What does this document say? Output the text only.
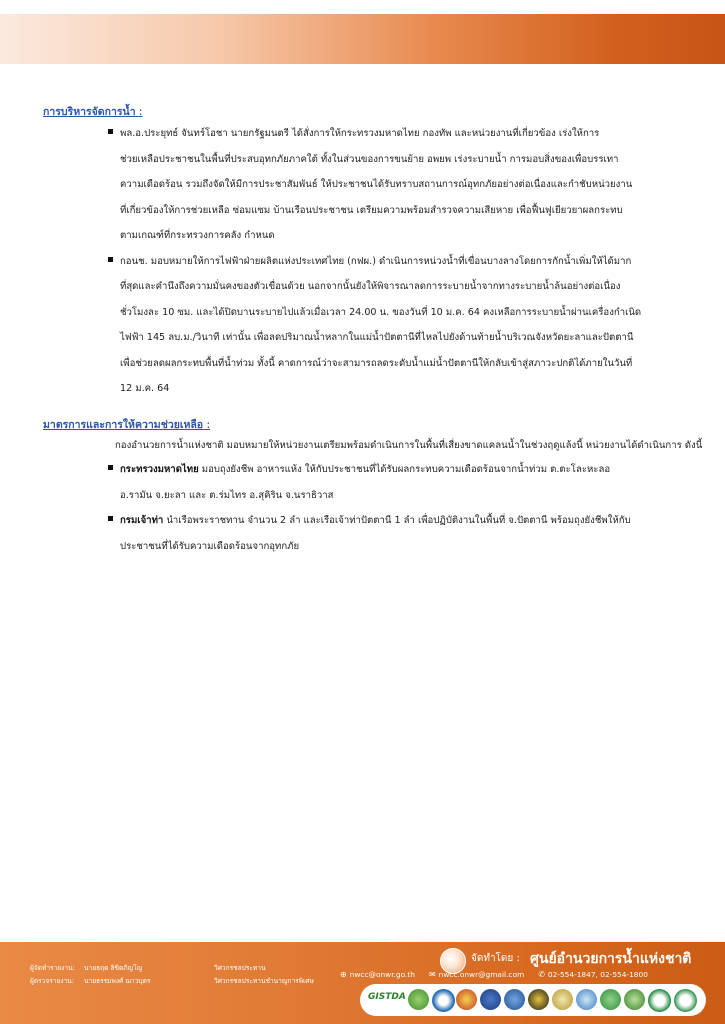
การบริหารจัดการน้ำ :
พล.อ.ประยุทธ์ จันทร์โอชา นายกรัฐมนตรี ได้สั่งการให้กระทรวงมหาดไทย กองทัพ และหน่วยงานที่เกี่ยวข้อง เร่งให้การ
ช่วยเหลือประชาชนในพื้นที่ประสบอุทกภัยภาคใต้ ทั้งในส่วนของการขนย้าย อพยพ เร่งระบายน้ำ การมอบสิ่งของเพื่อบรรเทา
ความเดือดร้อน รวมถึงจัดให้มีการประชาสัมพันธ์ ให้ประชาชนได้รับทราบสถานการณ์อุทกภัยอย่างต่อเนื่องและกำชับหน่วยงาน
ที่เกี่ยวข้องให้การช่วยเหลือ ซ่อมแซม บ้านเรือนประชาชน เตรียมความพร้อมสำรวจความเสียหาย เพื่อฟื้นฟูเยียวยาผลกระทบ
ตามเกณฑ์ที่กระทรวงการคลัง กำหนด
กอนช. มอบหมายให้การไฟฟ้าฝ่ายผลิตแห่งประเทศไทย (กฟผ.) ดำเนินการหน่วงน้ำที่เขื่อนบางลางโดยการกักน้ำเพิ่มให้ได้มาก
ที่สุดและคำนึงถึงความมั่นคงของตัวเขื่อนด้วย นอกจากนั้นยังให้พิจารณาลดการระบายน้ำจากทางระบายน้ำล้นอย่างต่อเนื่อง
ชั่วโมงละ 10 ซม. และได้ปิดบานระบายไปแล้วเมื่อเวลา 24.00 น. ของวันที่ 10 ม.ค. 64 คงเหลือการระบายน้ำผ่านเครื่องกำเนิด
ไฟฟ้า 145 ลบ.ม./วินาที เท่านั้น เพื่อลดปริมาณน้ำหลากในแม่น้ำปัตตานีที่ไหลไปยังด้านท้ายน้ำบริเวณจังหวัดยะลาและปัตตานี
เพื่อช่วยลดผลกระทบพื้นที่น้ำท่วม ทั้งนี้ คาดการณ์ว่าจะสามารถลดระดับน้ำแม่น้ำปัตตานีให้กลับเข้าสู่สภาวะปกติได้ภายในวันที่
12 ม.ค. 64
มาตรการและการให้ความช่วยเหลือ :
กองอำนวยการน้ำแห่งชาติ มอบหมายให้หน่วยงานเตรียมพร้อมดำเนินการในพื้นที่เสี่ยงขาดแคลนน้ำในช่วงฤดูแล้งนี้ หน่วยงานได้ดำเนินการ ดังนี้
กระทรวงมหาดไทย มอบถุงยังชีพ อาหารแห้ง ให้กับประชาชนที่ได้รับผลกระทบความเดือดร้อนจากน้ำท่วม ต.ตะโละหะลอ
อ.รามัน จ.ยะลา และ ต.ร่มไทร อ.สุคิริน จ.นราธิวาส
กรมเจ้าท่า นำเรือพระราชทาน จำนวน 2 ลำ และเรือเจ้าท่าปัตตานี 1 ลำ เพื่อปฏิบัติงานในพื้นที่ จ.ปัตตานี พร้อมถุงยังชีพให้กับ
ประชาชนที่ได้รับความเดือดร้อนจากอุทกภัย
ผู้จัดทำรายงาน:	นายธฤต ลิขิตภิญโญ	วิศวกรชลประทาน
ผู้ตรวจรายงาน:	นายธรรมพงศ์ ฌาวบุตร	วิศวกรชลประทานชำนาญการพิเศษ
จัดทำโดย : ศูนย์อำนวยการน้ำแห่งชาติ
⊕ nwcc@onwr.go.th ✉ nwcc.onwr@gmail.com ✆ 02-554-1847, 02-554-1800
GISTDA
